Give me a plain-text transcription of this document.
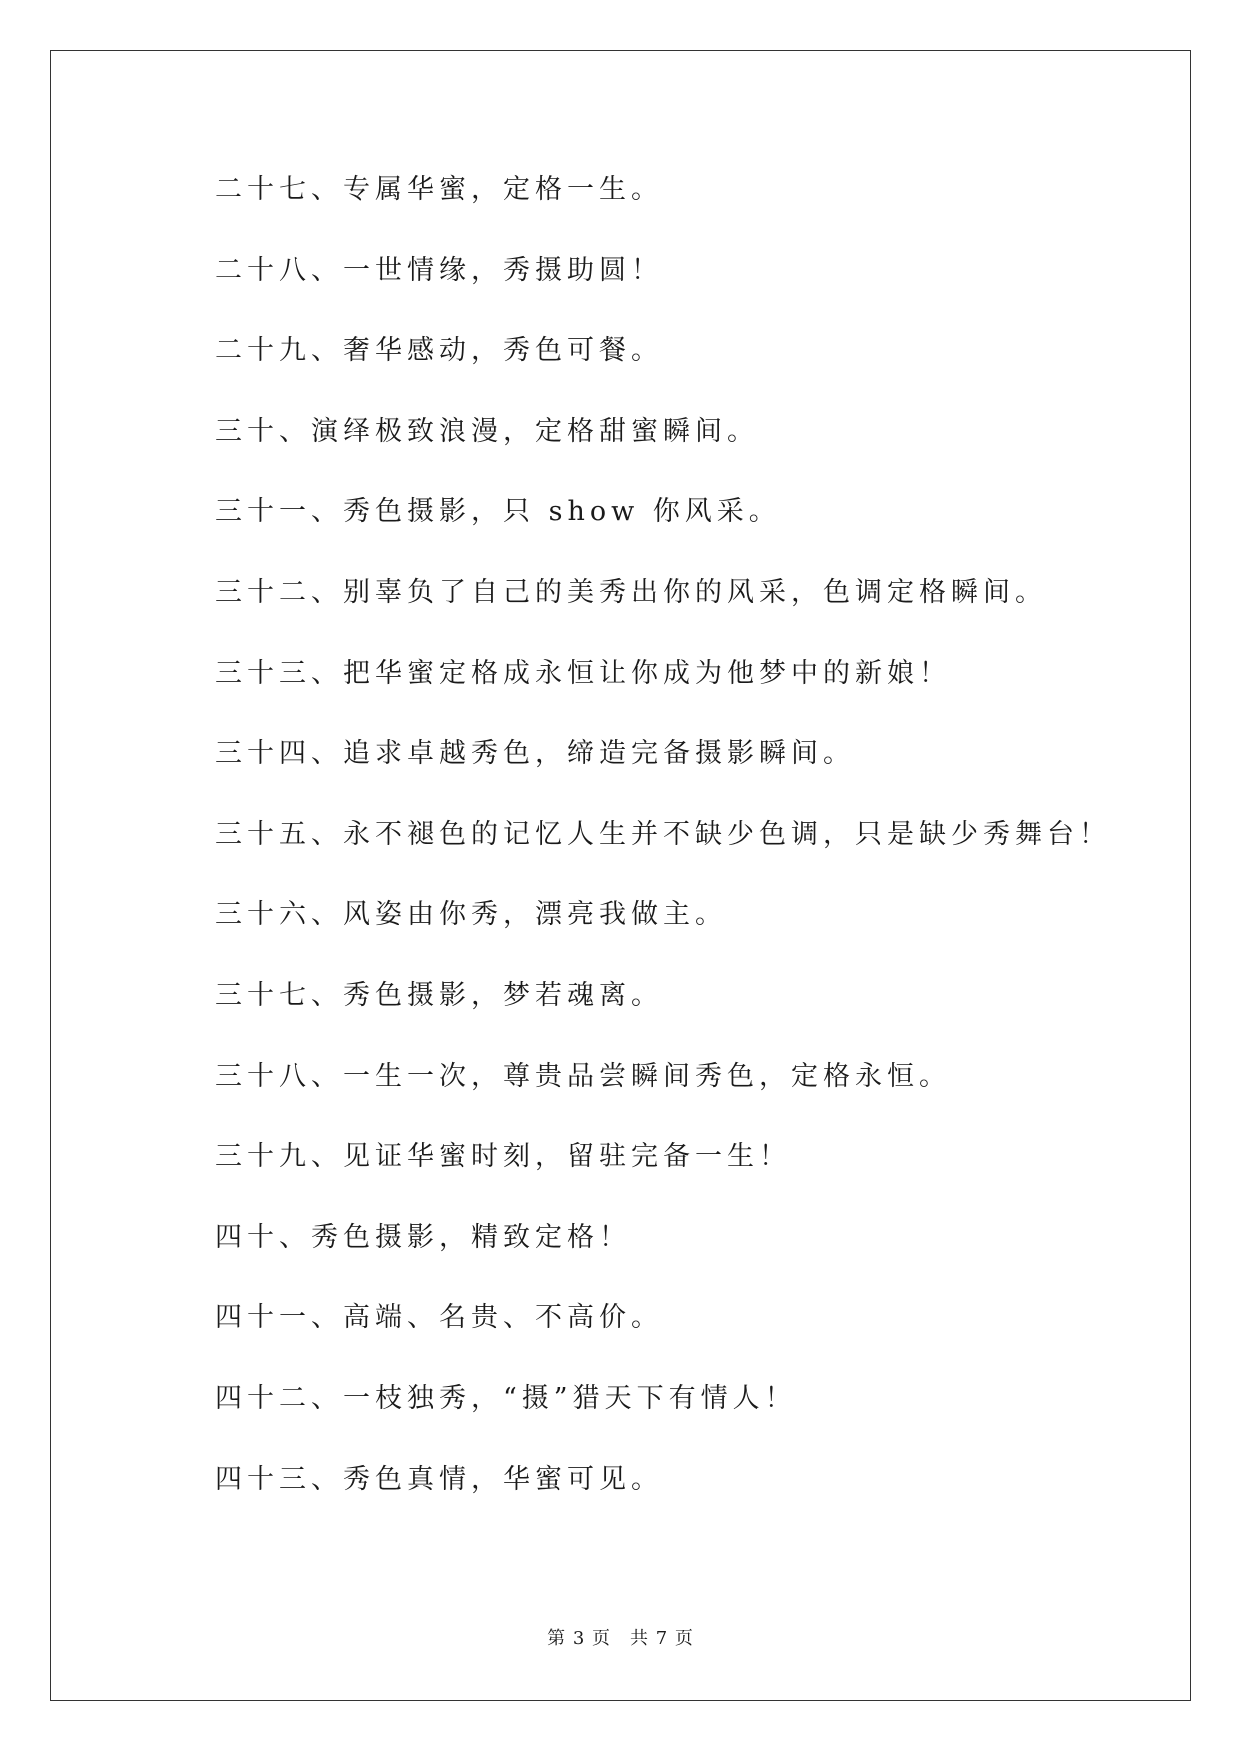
二十七、专属华蜜，定格一生。
二十八、一世情缘，秀摄助圆！
二十九、奢华感动，秀色可餐。
三十、演绎极致浪漫，定格甜蜜瞬间。
三十一、秀色摄影，只 show 你风采。
三十二、别辜负了自己的美秀出你的风采，色调定格瞬间。
三十三、把华蜜定格成永恒让你成为他梦中的新娘！
三十四、追求卓越秀色，缔造完备摄影瞬间。
三十五、永不褪色的记忆人生并不缺少色调，只是缺少秀舞台！
三十六、风姿由你秀，漂亮我做主。
三十七、秀色摄影，梦若魂离。
三十八、一生一次，尊贵品尝瞬间秀色，定格永恒。
三十九、见证华蜜时刻，留驻完备一生！
四十、秀色摄影，精致定格！
四十一、高端、名贵、不高价。
四十二、一枝独秀，“摄”猎天下有情人！
四十三、秀色真情，华蜜可见。
第 3 页　共 7 页
